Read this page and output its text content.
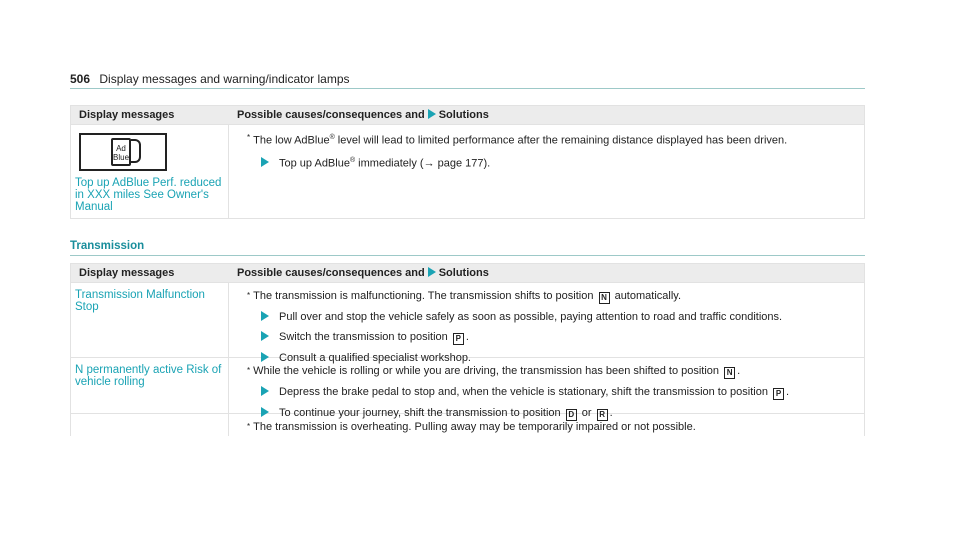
506 Display messages and warning/indicator lamps
Display messages	Possible causes/consequences and Solutions
Ad Blue
Top up AdBlue Perf. reduced in XXX miles See Owner's Manual
* The low AdBlue® level will lead to limited performance after the remaining distance displayed has been driven.
Top up AdBlue® immediately (→ page 177).
Transmission
Display messages	Possible causes/consequences and Solutions
Transmission Malfunction Stop
* The transmission is malfunctioning. The transmission shifts to position N automatically.
Pull over and stop the vehicle safely as soon as possible, paying attention to road and traffic conditions.
Switch the transmission to position P .
Consult a qualified specialist workshop.
N permanently active Risk of vehicle rolling
* While the vehicle is rolling or while you are driving, the transmission has been shifted to position N .
Depress the brake pedal to stop and, when the vehicle is stationary, shift the transmission to position P .
To continue your journey, shift the transmission to position D or R .
* The transmission is overheating. Pulling away may be temporarily impaired or not possible.
